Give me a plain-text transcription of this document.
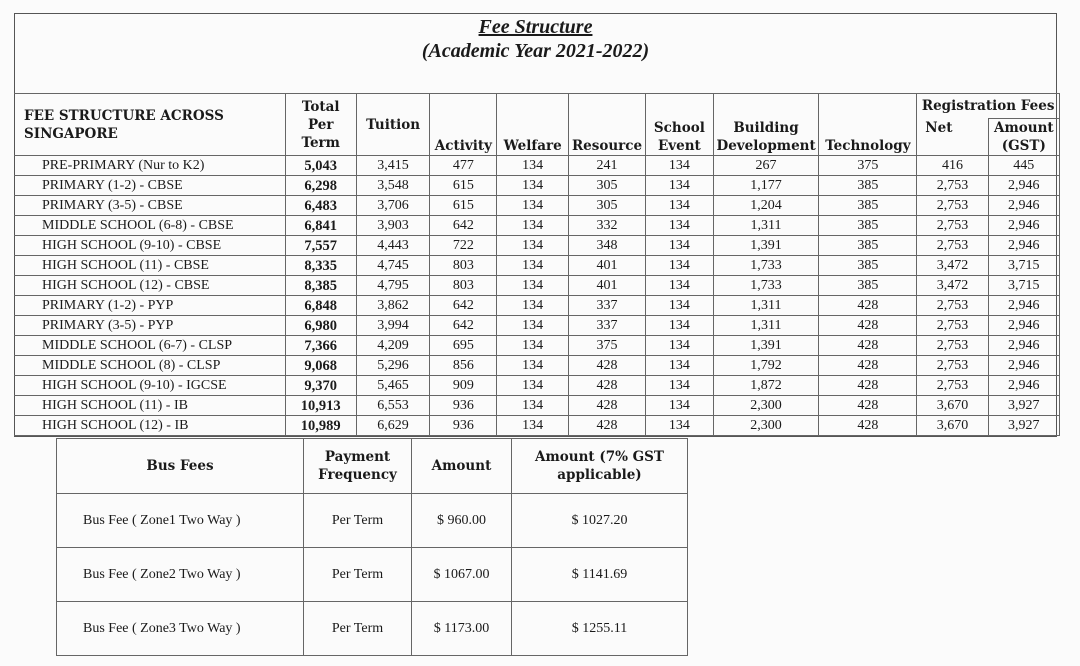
Fee Structure
(Academic Year 2021-2022)
FEE STRUCTURE ACROSS SINGAPORE	Total Per Term	Tuition	Activity	Welfare	Resource	School Event	Building Development	Technology	Registration Fees	
									Net	Amount (GST)
PRE-PRIMARY (Nur to K2)	5,043	3,415	477	134	241	134	267	375	416	445
PRIMARY (1-2) - CBSE	6,298	3,548	615	134	305	134	1,177	385	2,753	2,946
PRIMARY (3-5) - CBSE	6,483	3,706	615	134	305	134	1,204	385	2,753	2,946
MIDDLE SCHOOL (6-8) - CBSE	6,841	3,903	642	134	332	134	1,311	385	2,753	2,946
HIGH SCHOOL (9-10) - CBSE	7,557	4,443	722	134	348	134	1,391	385	2,753	2,946
HIGH SCHOOL (11) - CBSE	8,335	4,745	803	134	401	134	1,733	385	3,472	3,715
HIGH SCHOOL (12) - CBSE	8,385	4,795	803	134	401	134	1,733	385	3,472	3,715
PRIMARY (1-2) - PYP	6,848	3,862	642	134	337	134	1,311	428	2,753	2,946
PRIMARY (3-5) - PYP	6,980	3,994	642	134	337	134	1,311	428	2,753	2,946
MIDDLE SCHOOL (6-7) - CLSP	7,366	4,209	695	134	375	134	1,391	428	2,753	2,946
MIDDLE SCHOOL (8) - CLSP	9,068	5,296	856	134	428	134	1,792	428	2,753	2,946
HIGH SCHOOL (9-10) - IGCSE	9,370	5,465	909	134	428	134	1,872	428	2,753	2,946
HIGH SCHOOL (11) - IB	10,913	6,553	936	134	428	134	2,300	428	3,670	3,927
HIGH SCHOOL (12) - IB	10,989	6,629	936	134	428	134	2,300	428	3,670	3,927
Bus Fees	Payment Frequency	Amount	Amount (7% GST applicable)
Bus Fee ( Zone1 Two Way )	Per Term	$ 960.00	$ 1027.20
Bus Fee ( Zone2 Two Way )	Per Term	$ 1067.00	$ 1141.69
Bus Fee ( Zone3 Two Way )	Per Term	$ 1173.00	$ 1255.11
